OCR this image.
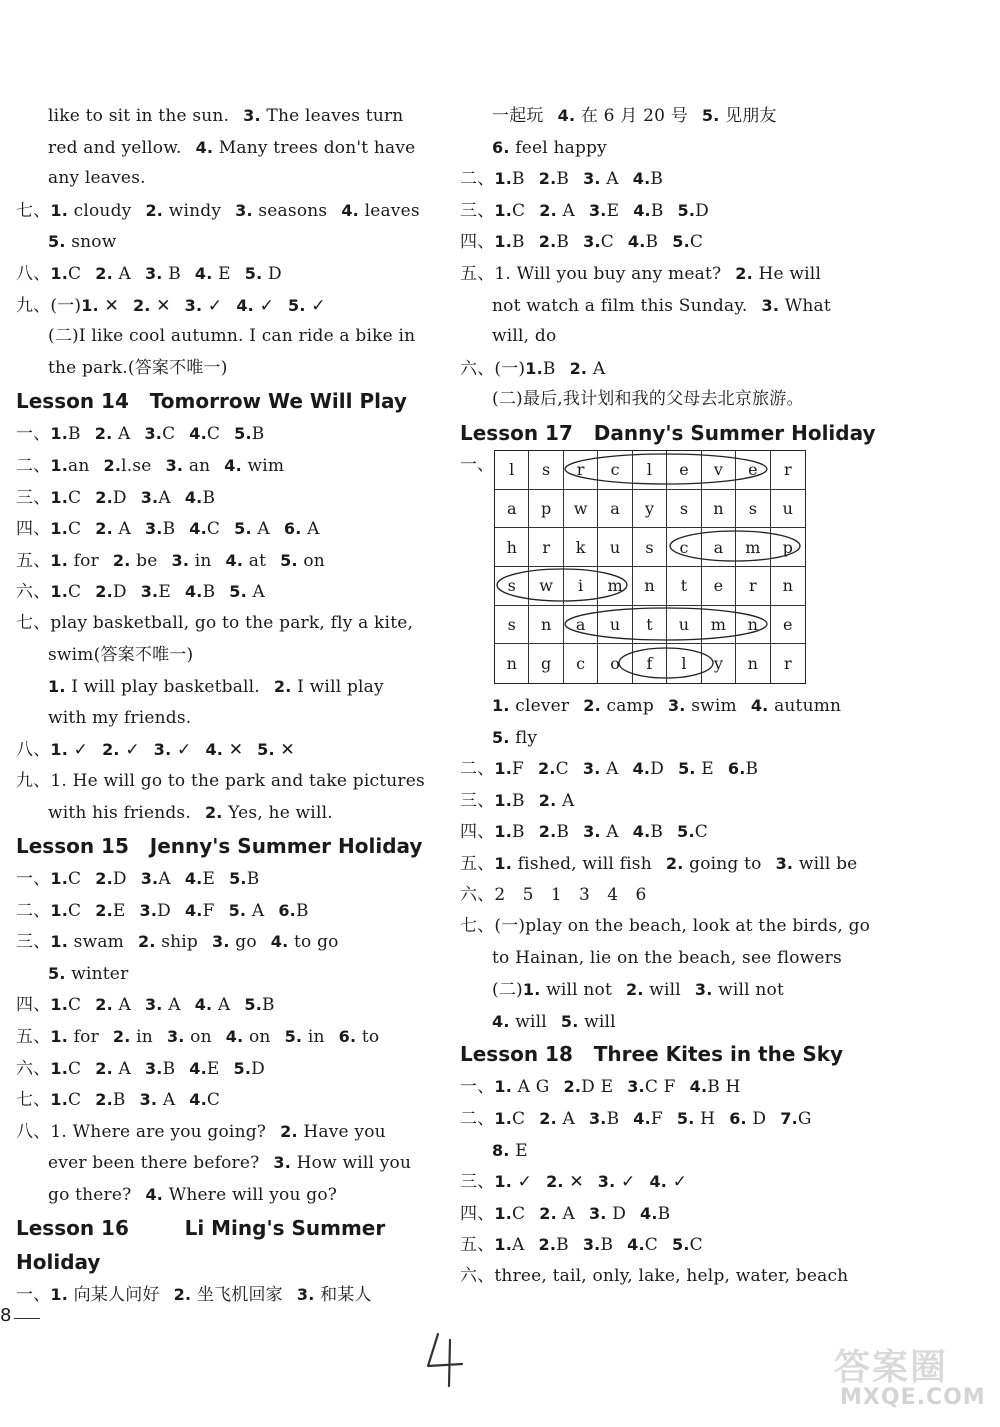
like to sit in the sun. 3. The leaves turn
red and yellow. 4. Many trees don't have
any leaves.
七、1. cloudy 2. windy 3. seasons 4. leaves
5. snow
八、1.C 2. A 3. B 4. E 5. D
九、(一)1. ✕ 2. ✕ 3. ✓ 4. ✓ 5. ✓
(二)I like cool autumn. I can ride a bike in
the park.(答案不唯一)
Lesson 14 Tomorrow We Will Play
一、1.B 2. A 3.C 4.C 5.B
二、1.an 2.l.se 3. an 4. wim
三、1.C 2.D 3.A 4.B
四、1.C 2. A 3.B 4.C 5. A 6. A
五、1. for 2. be 3. in 4. at 5. on
六、1.C 2.D 3.E 4.B 5. A
七、play basketball, go to the park, fly a kite,
swim(答案不唯一)
1. I will play basketball. 2. I will play
with my friends.
八、1. ✓ 2. ✓ 3. ✓ 4. ✕ 5. ✕
九、1. He will go to the park and take pictures
with his friends. 2. Yes, he will.
Lesson 15 Jenny's Summer Holiday
一、1.C 2.D 3.A 4.E 5.B
二、1.C 2.E 3.D 4.F 5. A 6.B
三、1. swam 2. ship 3. go 4. to go
5. winter
四、1.C 2. A 3. A 4. A 5.B
五、1. for 2. in 3. on 4. on 5. in 6. to
六、1.C 2. A 3.B 4.E 5.D
七、1.C 2.B 3. A 4.C
八、1. Where are you going? 2. Have you
ever been there before? 3. How will you
go there? 4. Where will you go?
Lesson 16	Li Ming's Summer
Holiday
一、1. 向某人问好 2. 坐飞机回家 3. 和某人
一起玩 4. 在 6 月 20 号 5. 见朋友
6. feel happy
二、1.B 2.B 3. A 4.B
三、1.C 2. A 3.E 4.B 5.D
四、1.B 2.B 3.C 4.B 5.C
五、1. Will you buy any meat? 2. He will
not watch a film this Sunday. 3. What
will, do
六、(一)1.B 2. A
(二)最后,我计划和我的父母去北京旅游。
Lesson 17 Danny's Summer Holiday
一、 l	s	r	c	l	e	v	e	r
a	p	w	a	y	s	n	s	u
h	r	k	u	s	c	a	m	p
s	w	i	m	n	t	e	r	n
s	n	a	u	t	u	m	n	e
n	g	c	o	f	l	y	n	r
1. clever 2. camp 3. swim 4. autumn
5. fly
二、1.F 2.C 3. A 4.D 5. E 6.B
三、1.B 2. A
四、1.B 2.B 3. A 4.B 5.C
五、1. fished, will fish 2. going to 3. will be
六、2　5　1　3　4　6
七、(一)play on the beach, look at the birds, go
to Hainan, lie on the beach, see flowers
(二)1. will not 2. will 3. will not
4. will 5. will
Lesson 18 Three Kites in the Sky
一、1. A G 2.D E 3.C F 4.B H
二、1.C 2. A 3.B 4.F 5. H 6. D 7.G
8. E
三、1. ✓ 2. ✕ 3. ✓ 4. ✓
四、1.C 2. A 3. D 4.B
五、1.A 2.B 3.B 4.C 5.C
六、three, tail, only, lake, help, water, beach
8
答案圈
MXQE.COM
